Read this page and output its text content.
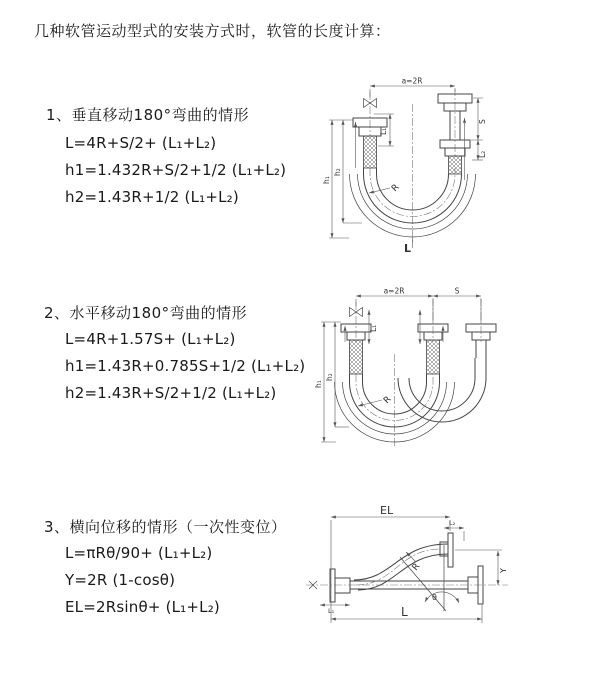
几种软管运动型式的安装方式时，软管的长度计算：
1、垂直移动180°弯曲的情形
L=4R+S/2+ (L₁+L₂)
h1=1.432R+S/2+1/2 (L₁+L₂)
h2=1.43R+1/2 (L₁+L₂)
2、水平移动180°弯曲的情形
L=4R+1.57S+ (L₁+L₂)
h1=1.43R+0.785S+1/2 (L₁+L₂)
h2=1.43R+S/2+1/2 (L₁+L₂)
3、横向位移的情形（一次性变位）
L=πRθ/90+ (L₁+L₂)
Y=2R (1-cosθ)
EL=2Rsinθ+ (L₁+L₂)
a=2R
h₁
h₂
L₁
S
L₂
R
L
a=2R	S
h₁
h₂
L₁
R
EL
L₂
Y
θ
R
L₁	L
